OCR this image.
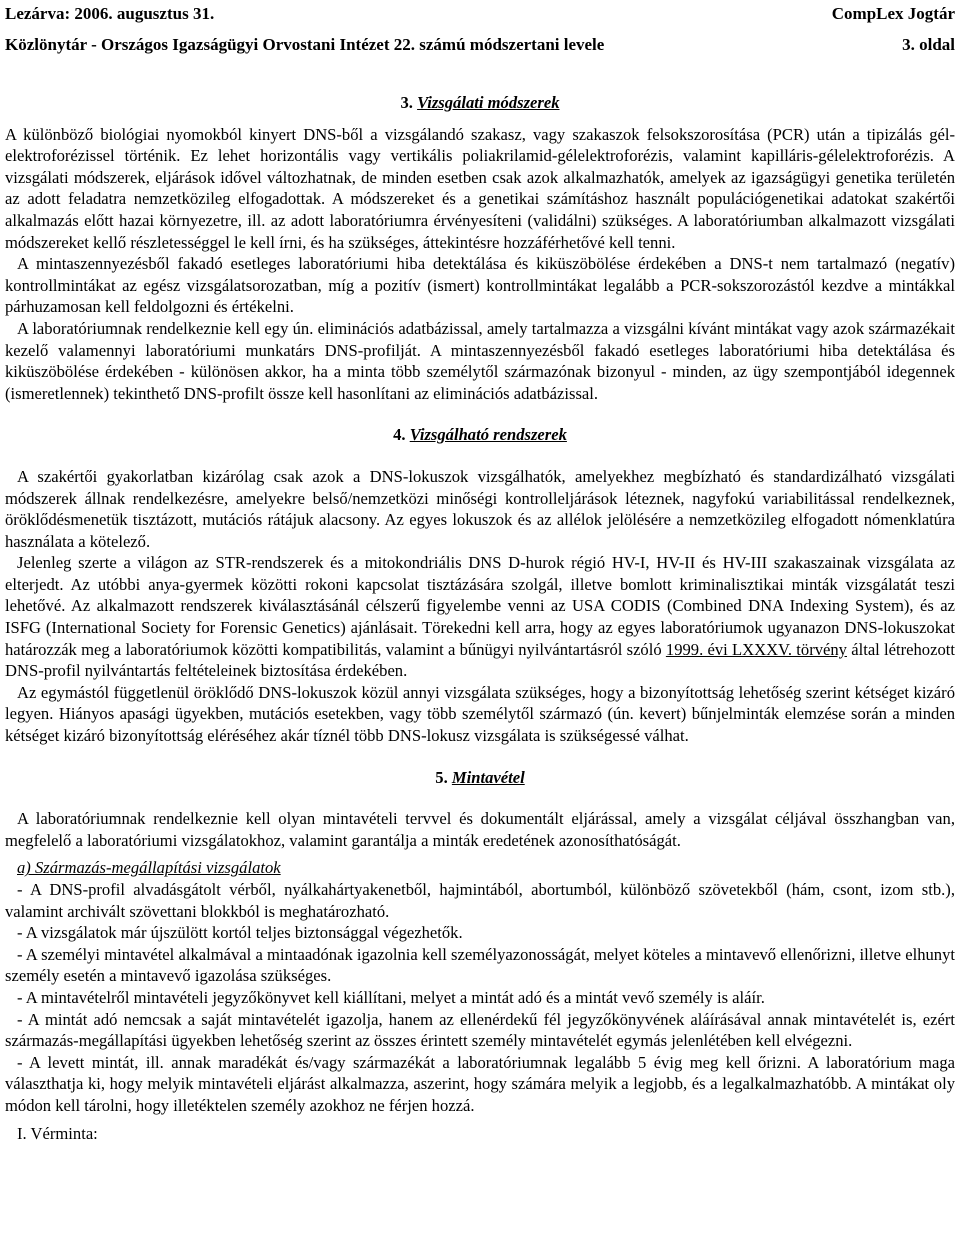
Lezárva: 2006. augusztus 31.	CompLex Jogtár
Közlönytár - Országos Igazságügyi Orvostani Intézet 22. számú módszertani levele	3. oldal

3. Vizsgálati módszerek

A különböző biológiai nyomokból kinyert DNS-ből a vizsgálandó szakasz, vagy szakaszok felsokszorosítása (PCR) után a tipizálás gél-elektroforézissel történik. Ez lehet horizontális vagy vertikális poliakrilamid-gélelektroforézis, valamint kapilláris-gélelektroforézis. A vizsgálati módszerek, eljárások idővel változhatnak, de minden esetben csak azok alkalmazhatók, amelyek az igazságügyi genetika területén az adott feladatra nemzetközileg elfogadottak. A módszereket és a genetikai számításhoz használt populációgenetikai adatokat szakértői alkalmazás előtt hazai környezetre, ill. az adott laboratóriumra érvényesíteni (validálni) szükséges. A laboratóriumban alkalmazott vizsgálati módszereket kellő részletességgel le kell írni, és ha szükséges, áttekintésre hozzáférhetővé kell tenni.

A mintaszennyezésből fakadó esetleges laboratóriumi hiba detektálása és kiküszöbölése érdekében a DNS-t nem tartalmazó (negatív) kontrollmintákat az egész vizsgálatsorozatban, míg a pozitív (ismert) kontrollmintákat legalább a PCR-sokszorozástól kezdve a mintákkal párhuzamosan kell feldolgozni és értékelni.

A laboratóriumnak rendelkeznie kell egy ún. eliminációs adatbázissal, amely tartalmazza a vizsgálni kívánt mintákat vagy azok származékait kezelő valamennyi laboratóriumi munkatárs DNS-profilját. A mintaszennyezésből fakadó esetleges laboratóriumi hiba detektálása és kiküszöbölése érdekében - különösen akkor, ha a minta több személytől származónak bizonyul - minden, az ügy szempontjából idegennek (ismeretlennek) tekinthető DNS-profilt össze kell hasonlítani az eliminációs adatbázissal.

4. Vizsgálható rendszerek

A szakértői gyakorlatban kizárólag csak azok a DNS-lokuszok vizsgálhatók, amelyekhez megbízható és standardizálható vizsgálati módszerek állnak rendelkezésre, amelyekre belső/nemzetközi minőségi kontrolleljárások léteznek, nagyfokú variabilitással rendelkeznek, öröklődésmenetük tisztázott, mutációs rátájuk alacsony. Az egyes lokuszok és az allélok jelölésére a nemzetközileg elfogadott nómenklatúra használata a kötelező.

Jelenleg szerte a világon az STR-rendszerek és a mitokondriális DNS D-hurok régió HV-I, HV-II és HV-III szakaszainak vizsgálata az elterjedt. Az utóbbi anya-gyermek közötti rokoni kapcsolat tisztázására szolgál, illetve bomlott kriminalisztikai minták vizsgálatát teszi lehetővé. Az alkalmazott rendszerek kiválasztásánál célszerű figyelembe venni az USA CODIS (Combined DNA Indexing System), és az ISFG (International Society for Forensic Genetics) ajánlásait. Törekedni kell arra, hogy az egyes laboratóriumok ugyanazon DNS-lokuszokat határozzák meg a laboratóriumok közötti kompatibilitás, valamint a bűnügyi nyilvántartásról szóló 1999. évi LXXXV. törvény által létrehozott DNS-profil nyilvántartás feltételeinek biztosítása érdekében.

Az egymástól függetlenül öröklődő DNS-lokuszok közül annyi vizsgálata szükséges, hogy a bizonyítottság lehetőség szerint kétséget kizáró legyen. Hiányos apasági ügyekben, mutációs esetekben, vagy több személytől származó (ún. kevert) bűnjelminták elemzése során a minden kétséget kizáró bizonyítottság eléréséhez akár tíznél több DNS-lokusz vizsgálata is szükségessé válhat.

5. Mintavétel

A laboratóriumnak rendelkeznie kell olyan mintavételi tervvel és dokumentált eljárással, amely a vizsgálat céljával összhangban van, megfelelő a laboratóriumi vizsgálatokhoz, valamint garantálja a minták eredetének azonosíthatóságát.

a) Származás-megállapítási vizsgálatok

- A DNS-profil alvadásgátolt vérből, nyálkahártyakenetből, hajmintából, abortumból, különböző szövetekből (hám, csont, izom stb.), valamint archivált szövettani blokkból is meghatározható.

- A vizsgálatok már újszülött kortól teljes biztonsággal végezhetők.

- A személyi mintavétel alkalmával a mintaadónak igazolnia kell személyazonosságát, melyet köteles a mintavevő ellenőrizni, illetve elhunyt személy esetén a mintavevő igazolása szükséges.

- A mintavételről mintavételi jegyzőkönyvet kell kiállítani, melyet a mintát adó és a mintát vevő személy is aláír.

- A mintát adó nemcsak a saját mintavételét igazolja, hanem az ellenérdekű fél jegyzőkönyvének aláírásával annak mintavételét is, ezért származás-megállapítási ügyekben lehetőség szerint az összes érintett személy mintavételét egymás jelenlétében kell elvégezni.

- A levett mintát, ill. annak maradékát és/vagy származékát a laboratóriumnak legalább 5 évig meg kell őrizni. A laboratórium maga választhatja ki, hogy melyik mintavételi eljárást alkalmazza, aszerint, hogy számára melyik a legjobb, és a legalkalmazhatóbb. A mintákat oly módon kell tárolni, hogy illetéktelen személy azokhoz ne férjen hozzá.

I. Vérminta:
